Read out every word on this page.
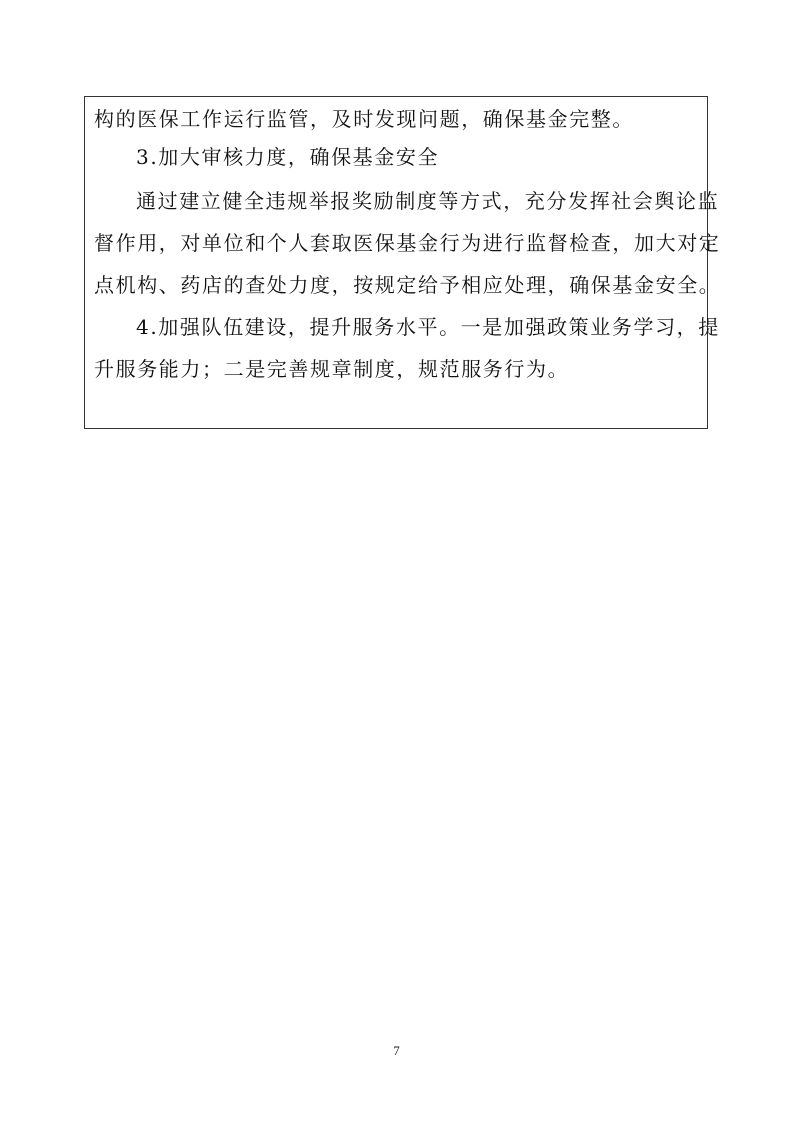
构的医保工作运行监管，及时发现问题，确保基金完整。
3.加大审核力度，确保基金安全
通过建立健全违规举报奖励制度等方式，充分发挥社会舆论监
督作用，对单位和个人套取医保基金行为进行监督检查，加大对定
点机构、药店的查处力度，按规定给予相应处理，确保基金安全。
4.加强队伍建设，提升服务水平。一是加强政策业务学习，提
升服务能力；二是完善规章制度，规范服务行为。
7
